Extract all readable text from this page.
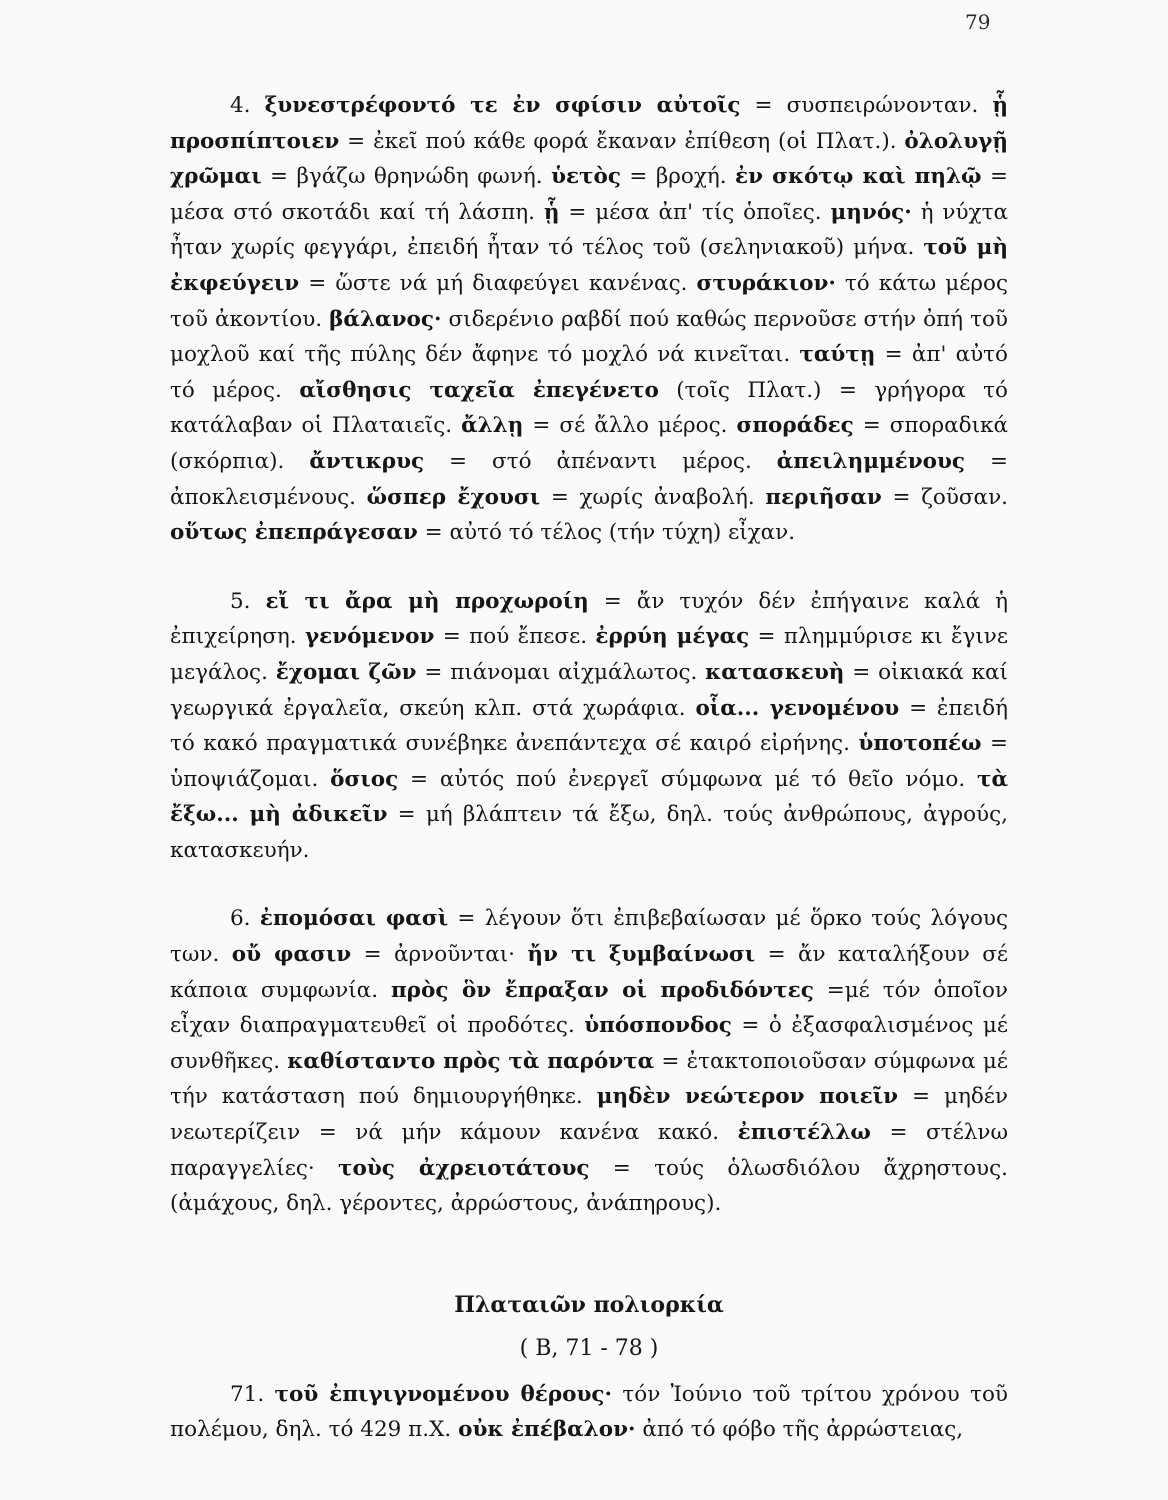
79

4. ξυνεστρέφοντό τε ἐν σφίσιν αὐτοῖς = συσπειρώνονταν. ᾗ προσπίπτοιεν = ἐκεῖ πού κάθε φορά ἔκαναν ἐπίθεση (οἱ Πλατ.). ὀλολυγῇ χρῶμαι = βγάζω θρηνώδη φωνή. ὑετὸς = βροχή. ἐν σκότῳ καὶ πηλῷ = μέσα στό σκοτάδι καί τή λάσπη. ᾗ = μέσα ἀπ' τίς ὁποῖες. μηνός· ἡ νύχτα ἦταν χωρίς φεγγάρι, ἐπειδή ἦταν τό τέλος τοῦ (σεληνιακοῦ) μήνα. τοῦ μὴ ἐκφεύγειν = ὥστε νά μή διαφεύγει κανένας. στυράκιον· τό κάτω μέρος τοῦ ἀκοντίου. βάλανος· σιδερένιο ραβδί πού καθώς περνοῦσε στήν ὀπή τοῦ μοχλοῦ καί τῆς πύλης δέν ἄφηνε τό μοχλό νά κινεῖται. ταύτῃ = ἀπ' αὐτό τό μέρος. αἴσθησις ταχεῖα ἐπεγένετο (τοῖς Πλατ.) = γρήγορα τό κατάλαβαν οἱ Πλαταιεῖς. ἄλλῃ = σέ ἄλλο μέρος. σποράδες = σποραδικά (σκόρπια). ἄντικρυς = στό ἀπέναντι μέρος. ἀπειλημμένους = ἀποκλεισμένους. ὥσπερ ἔχουσι = χωρίς ἀναβολή. περιῆσαν = ζοῦσαν. οὕτως ἐπεπράγεσαν = αὐτό τό τέλος (τήν τύχη) εἶχαν.

5. εἴ τι ἄρα μὴ προχωροίη = ἄν τυχόν δέν ἐπήγαινε καλά ἡ ἐπιχείρηση. γενόμενον = πού ἔπεσε. ἐρρύη μέγας = πλημμύρισε κι ἔγινε μεγάλος. ἔχομαι ζῶν = πιάνομαι αἰχμάλωτος. κατασκευὴ = οἰκιακά καί γεωργικά ἐργαλεῖα, σκεύη κλπ. στά χωράφια. οἷα... γενομένου = ἐπειδή τό κακό πραγματικά συνέβηκε ἀνεπάντεχα σέ καιρό εἰρήνης. ὑποτοπέω = ὑποψιάζομαι. ὅσιος = αὐτός πού ἐνεργεῖ σύμφωνα μέ τό θεῖο νόμο. τὰ ἔξω... μὴ ἀδικεῖν = μή βλάπτειν τά ἔξω, δηλ. τούς ἀνθρώπους, ἀγρούς, κατασκευήν.

6. ἐπομόσαι φασὶ = λέγουν ὅτι ἐπιβεβαίωσαν μέ ὅρκο τούς λόγους των. οὔ φασιν = ἀρνοῦνται· ἤν τι ξυμβαίνωσι = ἄν καταλήξουν σέ κάποια συμφωνία. πρὸς ὃν ἔπραξαν οἱ προδιδόντες =μέ τόν ὁποῖον εἶχαν διαπραγματευθεῖ οἱ προδότες. ὑπόσπονδος = ὁ ἐξασφαλισμένος μέ συνθῆκες. καθίσταντο πρὸς τὰ παρόντα = ἐτακτοποιοῦσαν σύμφωνα μέ τήν κατάσταση πού δημιουργήθηκε. μηδὲν νεώτερον ποιεῖν = μηδέν νεωτερίζειν = νά μήν κάμουν κανένα κακό. ἐπιστέλλω = στέλνω παραγγελίες· τοὺς ἀχρειοτάτους = τούς ὁλωσδιόλου ἄχρηστους. (ἀμάχους, δηλ. γέροντες, ἀρρώστους, ἀνάπηρους).

Πλαταιῶν πολιορκία
( Β, 71 - 78 )

71. τοῦ ἐπιγιγνομένου θέρους· τόν Ἰούνιο τοῦ τρίτου χρόνου τοῦ πολέμου, δηλ. τό 429 π.Χ. οὐκ ἐπέβαλον· ἀπό τό φόβο τῆς ἀρρώστειας,
